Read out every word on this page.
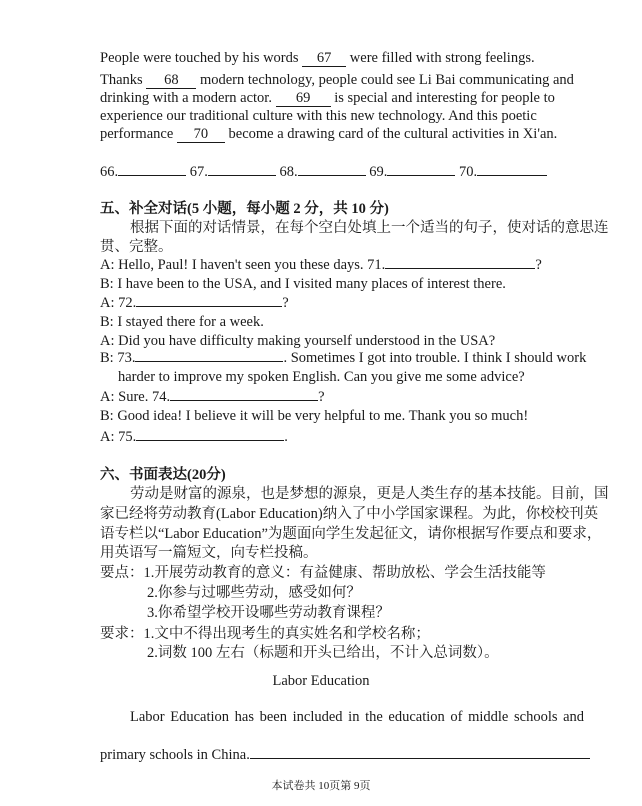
People were touched by his words 67 were filled with strong feelings.
Thanks 68 modern technology, people could see Li Bai communicating and
drinking with a modern actor. 69 is special and interesting for people to
experience our traditional culture with this new technology. And this poetic
performance 70 become a drawing card of the cultural activities in Xi'an.
66.	67.	68.	69.	70.
五、补全对话(5 小题，每小题 2 分，共 10 分)
根据下面的对话情景，在每个空白处填上一个适当的句子，使对话的意思连
贯、完整。
A: Hello, Paul! I haven't seen you these days. 71.	?
B: I have been to the USA, and I visited many places of interest there.
A: 72.	?
B: I stayed there for a week.
A: Did you have difficulty making yourself understood in the USA?
B: 73.	. Sometimes I got into trouble. I think I should work
harder to improve my spoken English. Can you give me some advice?
A: Sure. 74.	?
B: Good idea! I believe it will be very helpful to me. Thank you so much!
A: 75.	.
六、书面表达(20分)
劳动是财富的源泉，也是梦想的源泉，更是人类生存的基本技能。目前，国
家已经将劳动教育(Labor Education)纳入了中小学国家课程。为此，你校校刊英
语专栏以“Labor Education”为题面向学生发起征文，请你根据写作要点和要求，
用英语写一篇短文，向专栏投稿。
要点：1.开展劳动教育的意义：有益健康、帮助放松、学会生活技能等
2.你参与过哪些劳动，感受如何？
3.你希望学校开设哪些劳动教育课程？
要求：1.文中不得出现考生的真实姓名和学校名称；
2.词数 100 左右（标题和开头已给出，不计入总词数）。
Labor Education
Labor Education has been included in the education of middle schools and
primary schools in China.
本试卷共 10页第 9页
